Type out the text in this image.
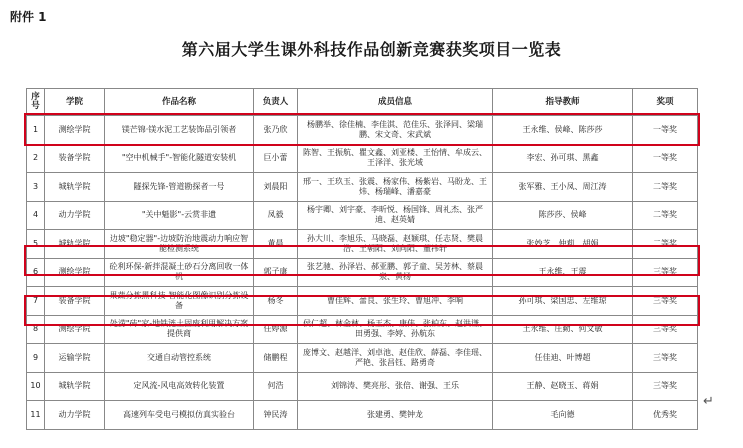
附件 1
第六届大学生课外科技作品创新竞赛获奖项目一览表
序号	学院	作品名称	负责人	成员信息	指导教师	奖项
1	测绘学院	镁芒锦·镁水泥工艺装饰品引领者	张乃欣	杨鹏举、徐佳楠、李佳淇、范佳乐、张泽同、梁瑞鹏、宋文奇、宋武斌	王永维、侯峰、陈莎莎	一等奖
2	装备学院	"空中机械手"-智能化隧道安装机	巨小蕾	陈智、王振航、瞿文鑫、刘亚楼、王怡情、牟成云、王泽洋、张光域	李宏、孙可琪、黑鑫	一等奖
3	城轨学院	隧探先锋-管道勘探者一号	刘晨阳	邢一、王玖玉、张震、杨家伟、杨紫岩、马盼龙、王炜、杨瑞峰、潘嘉豪	张军雅、王小凤、周江涛	二等奖
4	动力学院	"关中魁影"-云赏非遗	凤毅	杨宇卿、刘宇豪、李昕悦、杨国锋、周礼杰、张严迪、赵英婧	陈莎莎、侯峰	二等奖
5	城轨学院	边坡"稳定器"-边坡防治地震动力响应智能检测系统	黄晨	孙大川、李旭乐、马晓磊、赵颖琪、任志贤、樊晨浩、王朝阳、刘向阳、董祎轩	张妙芝、仲莉、胡娟	二等奖
6	测绘学院	砼利环保-新拌混凝土砂石分离回收一体机	郭子康	张艺驰、孙泽岩、郝亚鹏、郭子童、吴芳林、蔡晨泉、黄杨	王永维、王震	三等奖
7	装备学院	果蔬分拣黑科技-智能化图像识别分拣设备	杨冬	曹佳辉、蕾良、张生玲、曹旭冲、李响	孙可琪、梁国忠、左维琼	三等奖
8	测绘学院	处涝"砖"家-地铁涟土固废利用解决方案提供商	任婷源	侯仁超、林金林、杨玉杰、康伟、张柏东、赵洪谦、田勇强、李婷、孙航东	王永维、庄勤、何文敏	三等奖
9	运输学院	交通自动管控系统	储鹏程	庞博文、赵越洋、刘卓池、赵佳欣、薛磊、李佳瑶、严艳、张昌钰、路勇奇	任佳迪、叶博超	三等奖
10	城轨学院	定风流-风电高效转化装置	何浩	刘锦涛、樊亮彤、张倍、谢强、王乐	王静、赵晓玉、蒋娟	三等奖
11	动力学院	高速列车受电弓模拟仿真实验台	钟民涛	张建勇、樊钟龙	毛向德	优秀奖
↵
